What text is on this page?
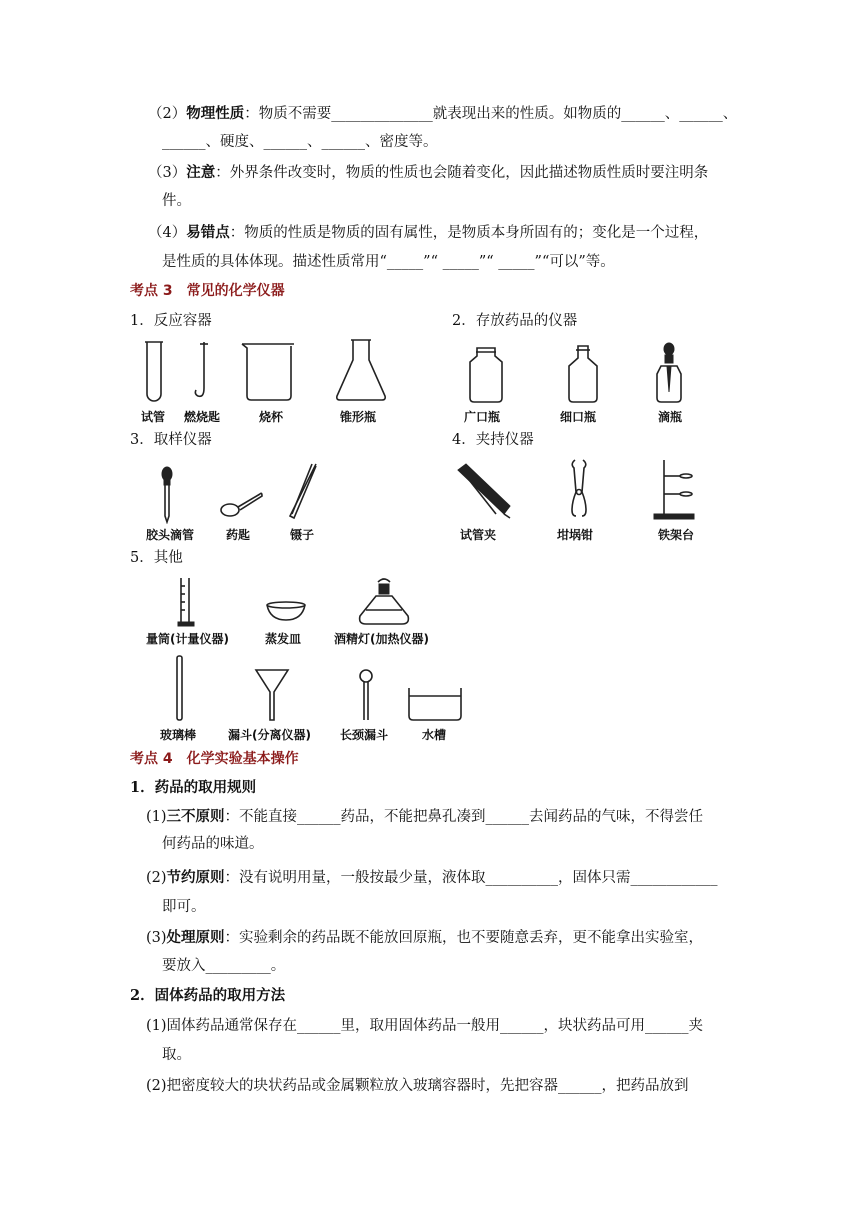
（2）物理性质：物质不需要______________就表现出来的性质。如物质的______、______、
______、硬度、______、______、密度等。
（3）注意：外界条件改变时，物质的性质也会随着变化，因此描述物质性质时要注明条
件。
（4）易错点：物质的性质是物质的固有属性，是物质本身所固有的；变化是一个过程，
是性质的具体体现。描述性质常用“_____”“ _____”“ _____”“可以”等。
考点 3　常见的化学仪器
1．反应容器	2．存放药品的仪器
试管 燃烧匙	烧杯	锥形瓶	广口瓶	细口瓶	滴瓶
3．取样仪器	4．夹持仪器
胶头滴管	药匙	镊子	试管夹	坩埚钳	铁架台
5．其他
量筒(计量仪器)	蒸发皿	酒精灯(加热仪器)
玻璃棒	漏斗(分离仪器) 长颈漏斗	水槽
考点 4　化学实验基本操作
1．药品的取用规则
(1)三不原则：不能直接______药品，不能把鼻孔凑到______去闻药品的气味，不得尝任
何药品的味道。
(2)节约原则：没有说明用量，一般按最少量，液体取__________，固体只需____________
即可。
(3)处理原则：实验剩余的药品既不能放回原瓶，也不要随意丢弃，更不能拿出实验室，
要放入_________。
2．固体药品的取用方法
(1)固体药品通常保存在______里，取用固体药品一般用______，块状药品可用______夹
取。
(2)把密度较大的块状药品或金属颗粒放入玻璃容器时，先把容器______，把药品放到
